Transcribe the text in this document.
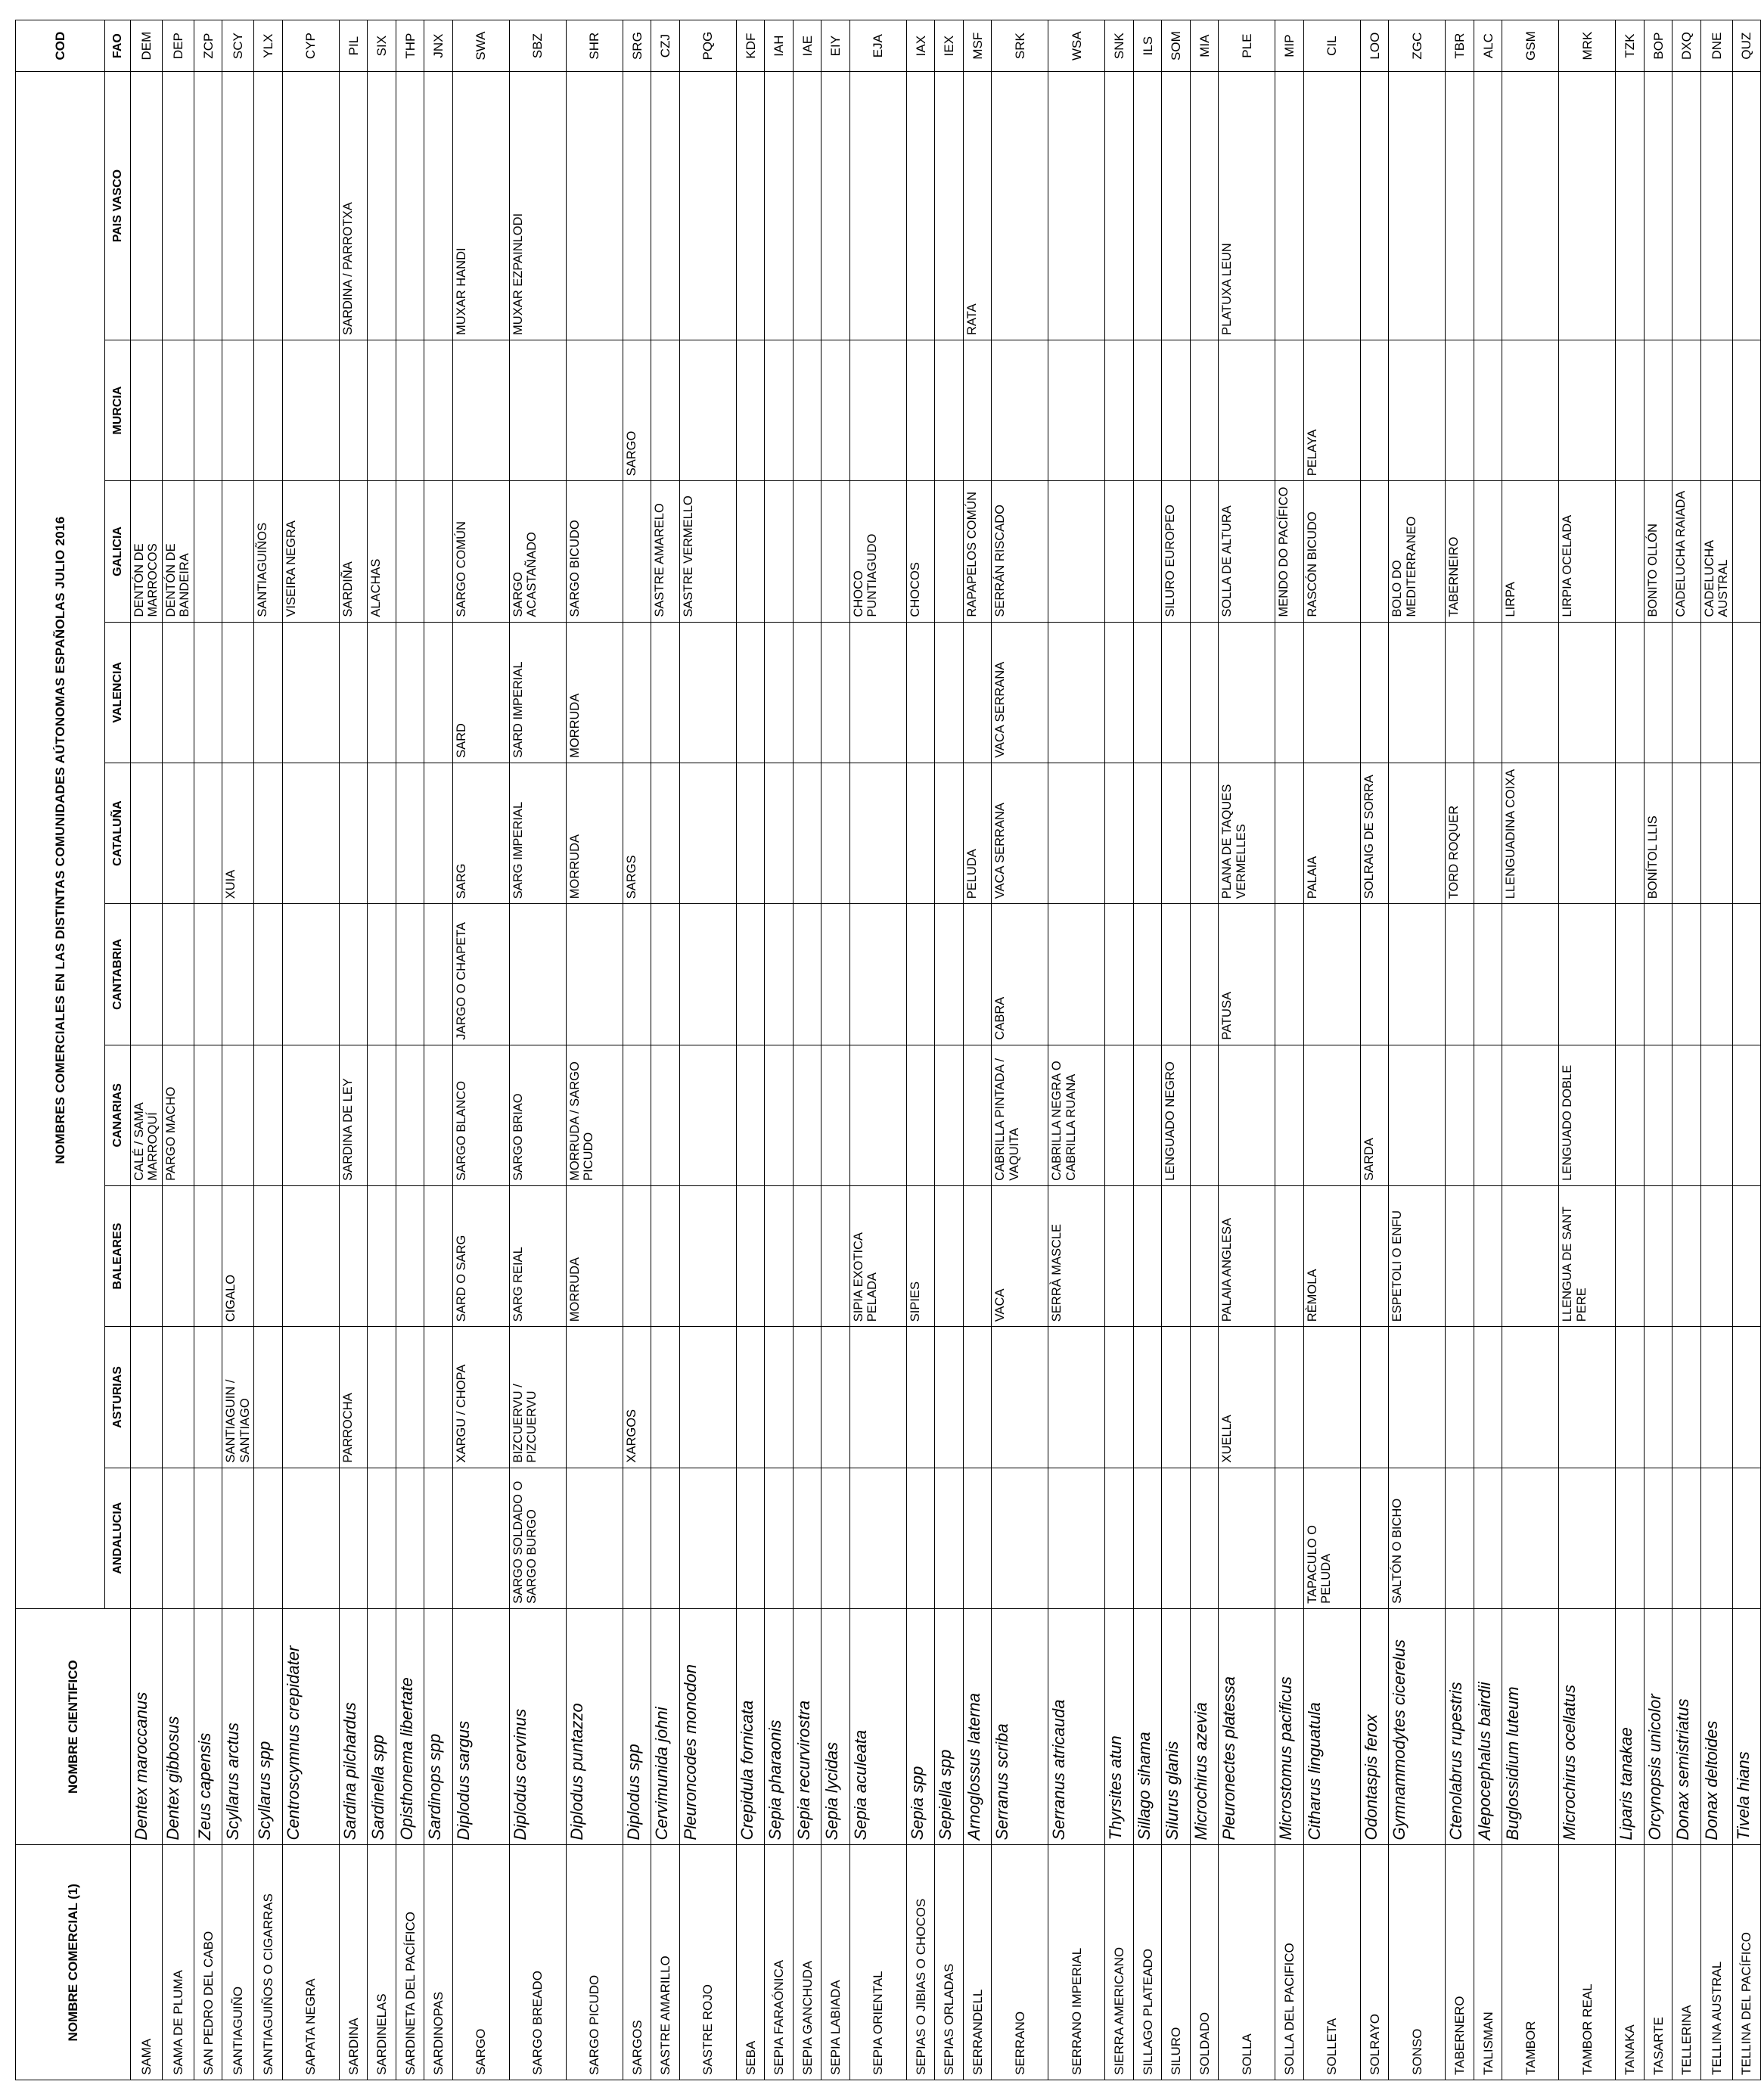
NOMBRE COMERCIAL (1)	NOMBRE CIENTIFICO	NOMBRES COMERCIALES EN LAS DISTINTAS COMUNIDADES AÚTONOMAS ESPAÑOLAS JULIO 2016										COD
		ANDALUCIA	ASTURIAS	BALEARES	CANARIAS	CANTABRIA	CATALUÑA	VALENCIA	GALICIA	MURCIA	PAIS VASCO	FAO
SAMA	Dentex maroccanus				CALÉ / SAMA MARROQUÍ				DENTÓN DE MARROCOS			DEM
SAMA DE PLUMA	Dentex gibbosus				PARGO MACHO				DENTÓN DE BANDEIRA			DEP
SAN PEDRO DEL CABO	Zeus capensis											ZCP
SANTIAGUIÑO	Scyllarus arctus		SANTIAGUIN / SANTIAGO	CIGALO			XUIA					SCY
SANTIAGUIÑOS O CIGARRAS	Scyllarus spp								SANTIAGUIÑOS			YLX
SAPATA NEGRA	Centroscymnus crepidater								VISEIRA NEGRA			CYP
SARDINA	Sardina pilchardus		PARROCHA		SARDINA DE LEY				SARDIÑA		SARDINA / PARROTXA	PIL
SARDINELAS	Sardinella spp								ALACHAS			SIX
SARDINETA DEL PACÍFICO	Opisthonema libertate											THP
SARDINOPAS	Sardinops spp											JNX
SARGO	Diplodus sargus		XARGU / CHOPA	SARD O SARG	SARGO BLANCO	JARGO O CHAPETA	SARG	SARD	SARGO COMÚN		MUXAR HANDI	SWA
SARGO BREADO	Diplodus cervinus	SARGO SOLDADO O SARGO BURGO	BIZCUERVU / PIZCUERVU	SARG REIAL	SARGO BRIAO		SARG IMPERIAL	SARD IMPERIAL	SARGO ACASTAÑADO		MUXAR EZPAINLODI	SBZ
SARGO PICUDO	Diplodus puntazzo			MORRUDA	MORRUDA / SARGO PICUDO		MORRUDA	MORRUDA	SARGO BICUDO			SHR
SARGOS	Diplodus spp		XARGOS				SARGS			SARGO		SRG
SASTRE AMARILLO	Cervimunida johni								SASTRE AMARELO			CZJ
SASTRE ROJO	Pleuroncodes monodon								SASTRE VERMELLO			PQG
SEBA	Crepidula fornicata											KDF
SEPIA FARAÓNICA	Sepia pharaonis											IAH
SEPIA GANCHUDA	Sepia recurvirostra											IAE
SEPIA LABIADA	Sepia lycidas											EIY
SEPIA ORIENTAL	Sepia aculeata			SIPIA EXOTICA PELADA					CHOCO PUNTIAGUDO			EJA
SEPIAS O JIBIAS O CHOCOS	Sepia spp			SIPIES					CHOCOS			IAX
SEPIAS ORLADAS	Sepiella spp											IEX
SERRANDELL	Arnoglossus laterna						PELUDA		RAPAPELOS COMÚN		RATA	MSF
SERRANO	Serranus scriba			VACA	CABRILLA PINTADA / VAQUITA	CABRA	VACA SERRANA	VACA SERRANA	SERRÁN RISCADO			SRK
SERRANO IMPERIAL	Serranus atricauda			SERRÀ MASCLE	CABRILLA NEGRA O CABRILLA RUANA							WSA
SIERRA AMERICANO	Thyrsites atun											SNK
SILLAGO PLATEADO	Sillago sihama											ILS
SILURO	Silurus glanis				LENGUADO NEGRO				SILURO EUROPEO			SOM
SOLDADO	Microchirus azevia											MIA
SOLLA	Pleuronectes platessa		XUELLA	PALAIA ANGLESA		PATUSA	PLANA DE TAQUES VERMELLES		SOLLA DE ALTURA		PLATUXA LEUN	PLE
SOLLA DEL PACIFICO	Microstomus pacificus								MENDO DO PACÍFICO			MIP
SOLLETA	Citharus linguatula	TAPACULO O PELUDA		RÈMOLA			PALAIA		RASCÓN BICUDO	PELAYA		CIL
SOLRAYO	Odontaspis ferox				SARDA		SOLRAIG DE SORRA					LOO
SONSO	Gymnammodytes cicerelus	SALTÓN O BICHO		ESPETOLI O ENFU					BOLO DO MEDITERRANEO			ZGC
TABERNERO	Ctenolabrus rupestris						TORD ROQUER		TABERNEIRO			TBR
TALISMAN	Alepocephalus bairdii											ALC
TAMBOR	Buglossidium luteum						LLENGUADINA COIXA		LIRPA			GSM
TAMBOR REAL	Microchirus ocellatus			LLENGUA DE SANT PERE	LENGUADO DOBLE				LIRPIA OCELADA			MRK
TANAKA	Liparis tanakae											TZK
TASARTE	Orcynopsis unicolor						BONÍTOL LLIS		BONITO OLLÓN			BOP
TELLERINA	Donax semistriatus								CADELUCHA RAIADA			DXQ
TELLINA AUSTRAL	Donax deltoides								CADELUCHA AUSTRAL			DNE
TELLINA DEL PACÍFICO	Tivela hians											QUZ
